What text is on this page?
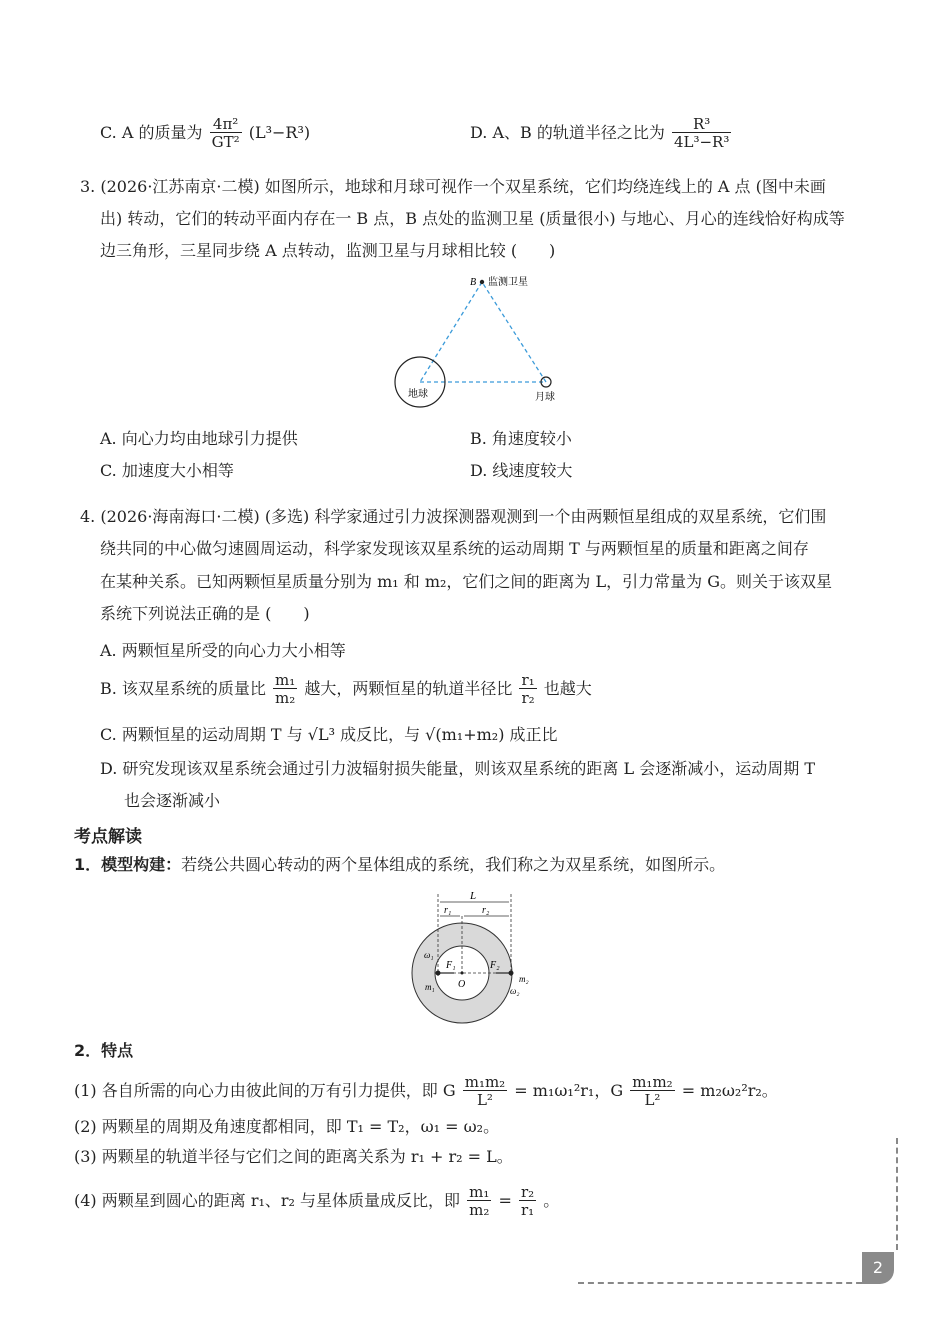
C. A 的质量为 $\frac{\text{4π²}}{\text{GT²}} (L^3-R^3)$	D. A、B 的轨道半径之比为 $\frac{\text{R³}}{\text{4L³−R³}}$
3. (2026·江苏南京·二模) 如图所示，地球和月球可视作一个双星系统，它们均绕连线上的 A 点 (图中未画
出) 转动，它们的转动平面内存在一 B 点，B 点处的监测卫星 (质量很小) 与地心、月心的连线恰好构成等
边三角形，三星同步绕 A 点转动，监测卫星与月球相比较 (　　)
B 监测卫星
地球	月球
A. 向心力均由地球引力提供	B. 角速度较小
C. 加速度大小相等	D. 线速度较大
4. (2026·海南海口·二模) (多选) 科学家通过引力波探测器观测到一个由两颗恒星组成的双星系统，它们围
绕共同的中心做匀速圆周运动，科学家发现该双星系统的运动周期 T 与两颗恒星的质量和距离之间存
在某种关系。已知两颗恒星质量分别为 m₁ 和 m₂，它们之间的距离为 L，引力常量为 G。则关于该双星
系统下列说法正确的是 (　　)
A. 两颗恒星所受的向心力大小相等
B. 该双星系统的质量比 $\frac{\text{m₁}}{\text{m₂}}$ 越大，两颗恒星的轨道半径比 $\frac{\text{r₁}}{\text{r₂}}$ 也越大
C. 两颗恒星的运动周期 T 与 √L³ 成反比，与 √(m₁+m₂) 成正比
D. 研究发现该双星系统会通过引力波辐射损失能量，则该双星系统的距离 L 会逐渐减小，运动周期 T
也会逐渐减小
考点解读
1．模型构建：若绕公共圆心转动的两个星体组成的系统，我们称之为双星系统，如图所示。
L
r₁	r₂
F₁	F₂
O
ω₁
m₁
m₂
ω₂
2．特点
(1) 各自所需的向心力由彼此间的万有引力提供，即 G $\frac{\text{m₁m₂}}{\text{L²}} = m_1\omega_1^2r_1$，G $\frac{\text{m₁m₂}}{\text{L²}} = m_2\omega_2^2r_2$。
(2) 两颗星的周期及角速度都相同，即 T₁ = T₂，ω₁ = ω₂。
(3) 两颗星的轨道半径与它们之间的距离关系为 r₁ + r₂ = L。
(4) 两颗星到圆心的距离 r₁、r₂ 与星体质量成反比，即 $\frac{\text{m₁}}{\text{m₂}} = \frac{\text{r₂}}{\text{r₁}}$ 。
2
